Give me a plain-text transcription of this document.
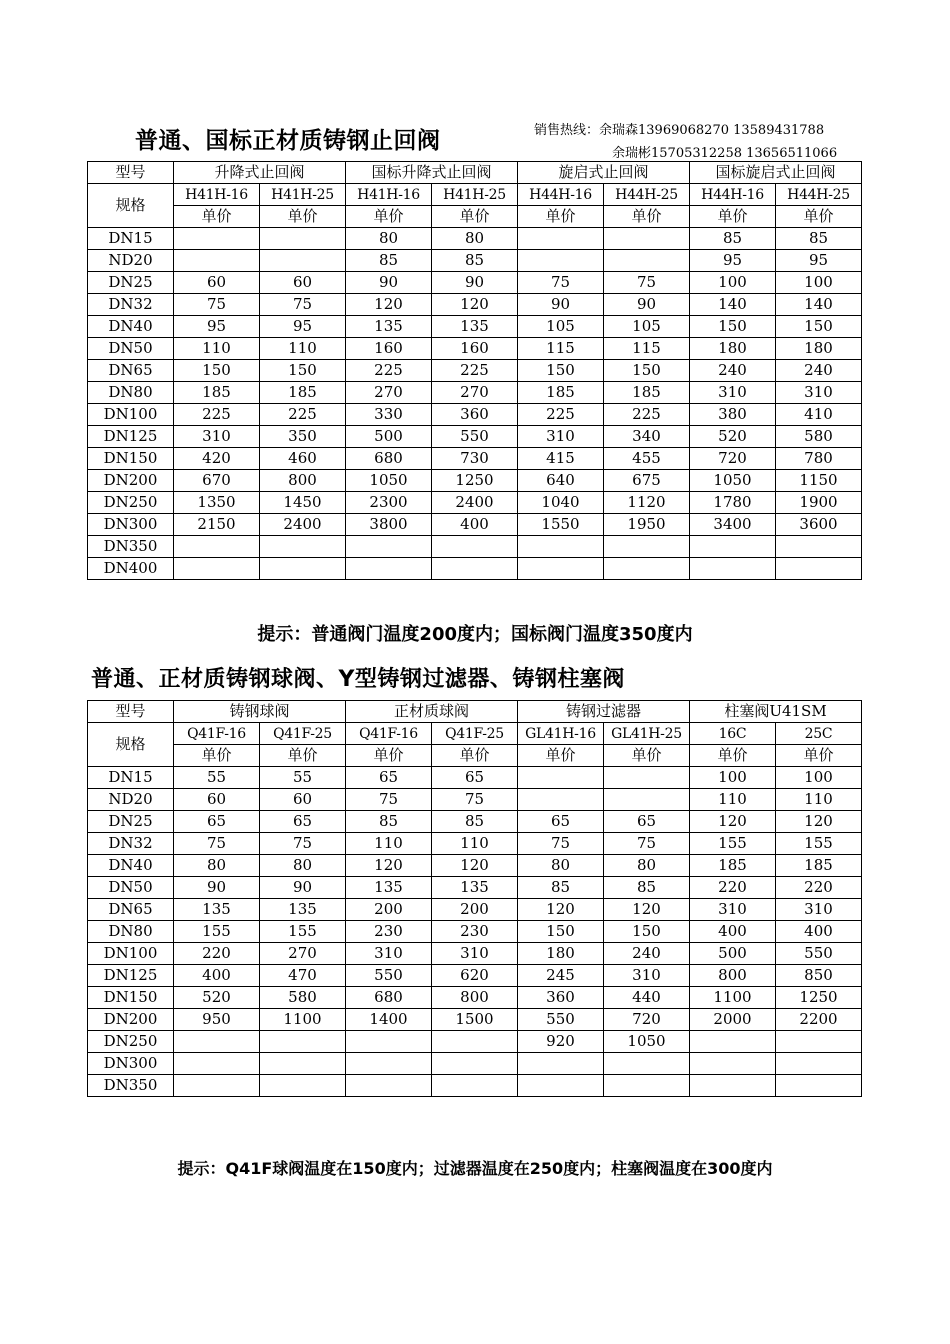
普通、国标正材质铸钢止回阀	销售热线：余瑞森13969068270 13589431788
余瑞彬15705312258 13656511066
型号	升降式止回阀		国标升降式止回阀		旋启式止回阀		国标旋启式止回阀	
规格	H41H-16	H41H-25	H41H-16	H41H-25	H44H-16	H44H-25	H44H-16	H44H-25
	单价	单价	单价	单价	单价	单价	单价	单价
DN15			80	80			85	85
ND20			85	85			95	95
DN25	60	60	90	90	75	75	100	100
DN32	75	75	120	120	90	90	140	140
DN40	95	95	135	135	105	105	150	150
DN50	110	110	160	160	115	115	180	180
DN65	150	150	225	225	150	150	240	240
DN80	185	185	270	270	185	185	310	310
DN100	225	225	330	360	225	225	380	410
DN125	310	350	500	550	310	340	520	580
DN150	420	460	680	730	415	455	720	780
DN200	670	800	1050	1250	640	675	1050	1150
DN250	1350	1450	2300	2400	1040	1120	1780	1900
DN300	2150	2400	3800	400	1550	1950	3400	3600
DN350								
DN400								
提示：普通阀门温度200度内；国标阀门温度350度内
普通、正材质铸钢球阀、Y型铸钢过滤器、铸钢柱塞阀
型号	铸钢球阀		正材质球阀		铸钢过滤器		柱塞阀U41SM	
规格	Q41F-16	Q41F-25	Q41F-16	Q41F-25	GL41H-16	GL41H-25	16C	25C
	单价	单价	单价	单价	单价	单价	单价	单价
DN15	55	55	65	65			100	100
ND20	60	60	75	75			110	110
DN25	65	65	85	85	65	65	120	120
DN32	75	75	110	110	75	75	155	155
DN40	80	80	120	120	80	80	185	185
DN50	90	90	135	135	85	85	220	220
DN65	135	135	200	200	120	120	310	310
DN80	155	155	230	230	150	150	400	400
DN100	220	270	310	310	180	240	500	550
DN125	400	470	550	620	245	310	800	850
DN150	520	580	680	800	360	440	1100	1250
DN200	950	1100	1400	1500	550	720	2000	2200
DN250					920	1050		
DN300								
DN350								
提示：Q41F球阀温度在150度内；过滤器温度在250度内；柱塞阀温度在300度内
